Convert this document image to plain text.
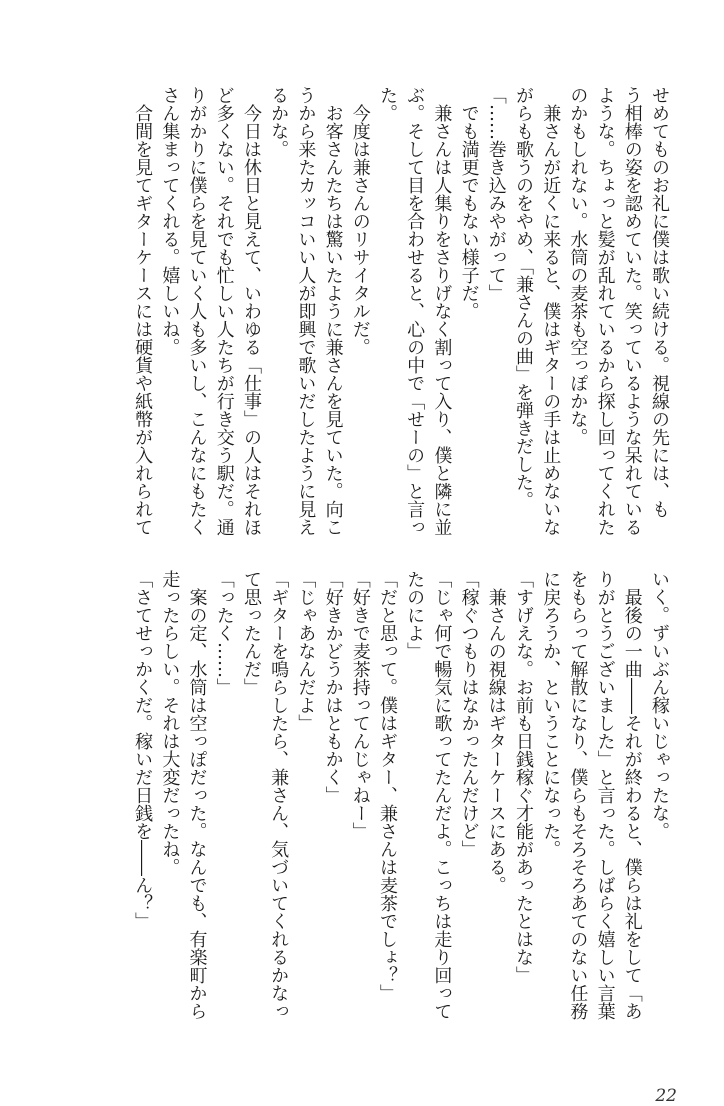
せめてものお礼に僕は歌い続ける。視線の先には、も
う相棒の姿を認めていた。笑っているような呆れている
ような。ちょっと髪が乱れているから探し回ってくれた
のかもしれない。水筒の麦茶も空っぽかな。
　兼さんが近くに来ると、僕はギターの手は止めないな
がらも歌うのをやめ、「兼さんの曲」を弾きだした。
「……巻き込みやがって」
　でも満更でもない様子だ。
　兼さんは人集りをさりげなく割って入り、僕と隣に並
ぶ。そして目を合わせると、心の中で「せーの」と言っ
た。
　今度は兼さんのリサイタルだ。
　お客さんたちは驚いたように兼さんを見ていた。向こ
うから来たカッコいい人が即興で歌いだしたように見え
るかな。
　今日は休日と見えて、いわゆる「仕事」の人はそれほ
ど多くない。それでも忙しい人たちが行き交う駅だ。通
りがかりに僕らを見ていく人も多いし、こんなにもたく
さん集まってくれる。嬉しいね。
　合間を見てギターケースには硬貨や紙幣が入れられて
いく。ずいぶん稼いじゃったな。
　最後の一曲――それが終わると、僕らは礼をして「あ
りがとうございました」と言った。しばらく嬉しい言葉
をもらって解散になり、僕らもそろそろあてのない任務
に戻ろうか、ということになった。
「すげえな。お前も日銭稼ぐ才能があったとはな」
　兼さんの視線はギターケースにある。
「稼ぐつもりはなかったんだけど」
「じゃ何で暢気に歌ってたんだよ。こっちは走り回って
たのによ」
「だと思って。僕はギター、兼さんは麦茶でしょ？」
「好きで麦茶持ってんじゃねー」
「好きかどうかはともかく」
「じゃあなんだよ」
「ギターを鳴らしたら、兼さん、気づいてくれるかなっ
て思ったんだ」
「ったく……」
　案の定、水筒は空っぽだった。なんでも、有楽町から
走ったらしい。それは大変だったね。
「さてせっかくだ。稼いだ日銭を――ん？」
22
